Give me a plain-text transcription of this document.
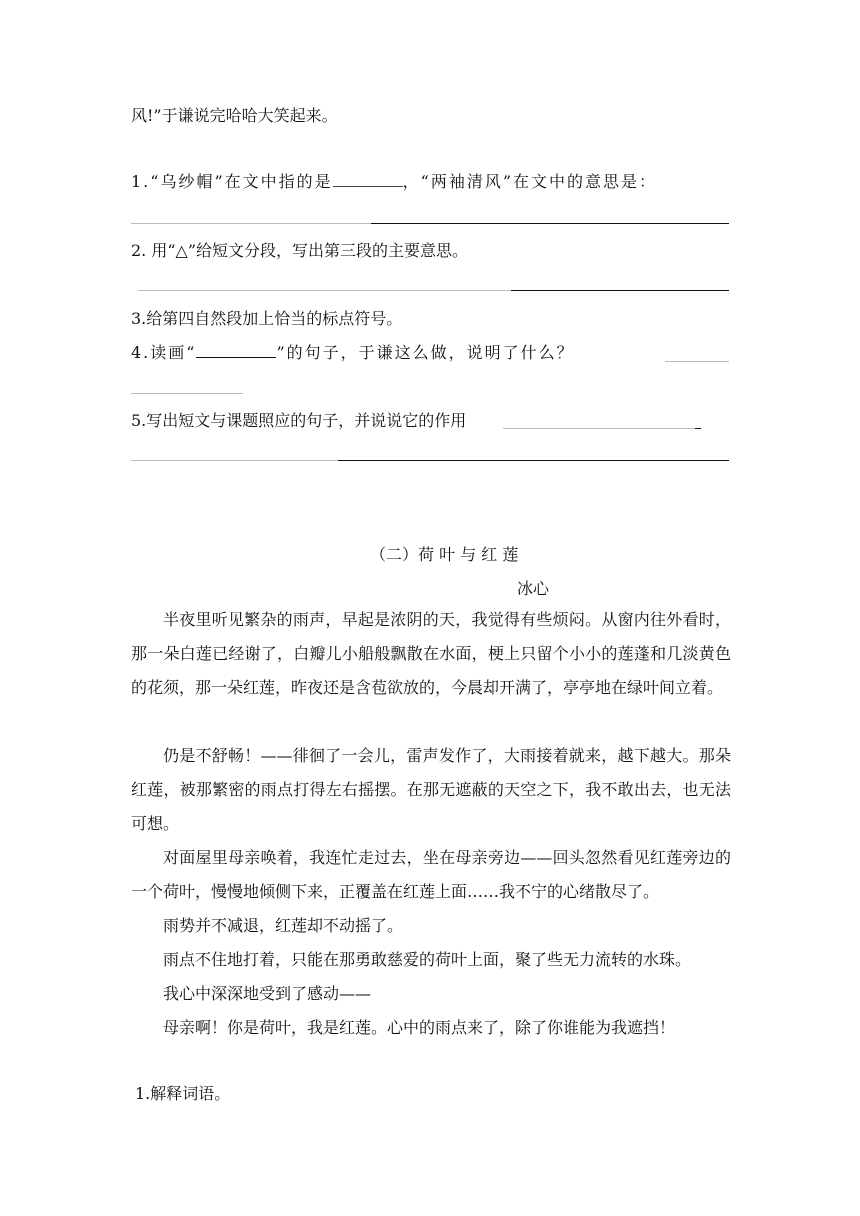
风!”于谦说完哈哈大笑起来。
1.“乌纱帽”在文中指的是	，“两袖清风”在文中的意思是：
2. 用“△”给短文分段，写出第三段的主要意思。
3.给第四自然段加上恰当的标点符号。
4.读画“	”的句子，于谦这么做，说明了什么？
5.写出短文与课题照应的句子，并说说它的作用
（二）荷 叶 与 红 莲
冰心
半夜里听见繁杂的雨声，早起是浓阴的天，我觉得有些烦闷。从窗内往外看时，那一朵白莲已经谢了，白瓣儿小船般飘散在水面，梗上只留个小小的莲蓬和几淡黄色的花须，那一朵红莲，昨夜还是含苞欲放的，今晨却开满了，亭亭地在绿叶间立着。
仍是不舒畅！——徘徊了一会儿，雷声发作了，大雨接着就来，越下越大。那朵红莲，被那繁密的雨点打得左右摇摆。在那无遮蔽的天空之下，我不敢出去，也无法可想。
对面屋里母亲唤着，我连忙走过去，坐在母亲旁边——回头忽然看见红莲旁边的一个荷叶，慢慢地倾侧下来，正覆盖在红莲上面……我不宁的心绪散尽了。
雨势并不减退，红莲却不动摇了。
雨点不住地打着，只能在那勇敢慈爱的荷叶上面，聚了些无力流转的水珠。
我心中深深地受到了感动——
母亲啊！你是荷叶，我是红莲。心中的雨点来了，除了你谁能为我遮挡！
1.解释词语。
